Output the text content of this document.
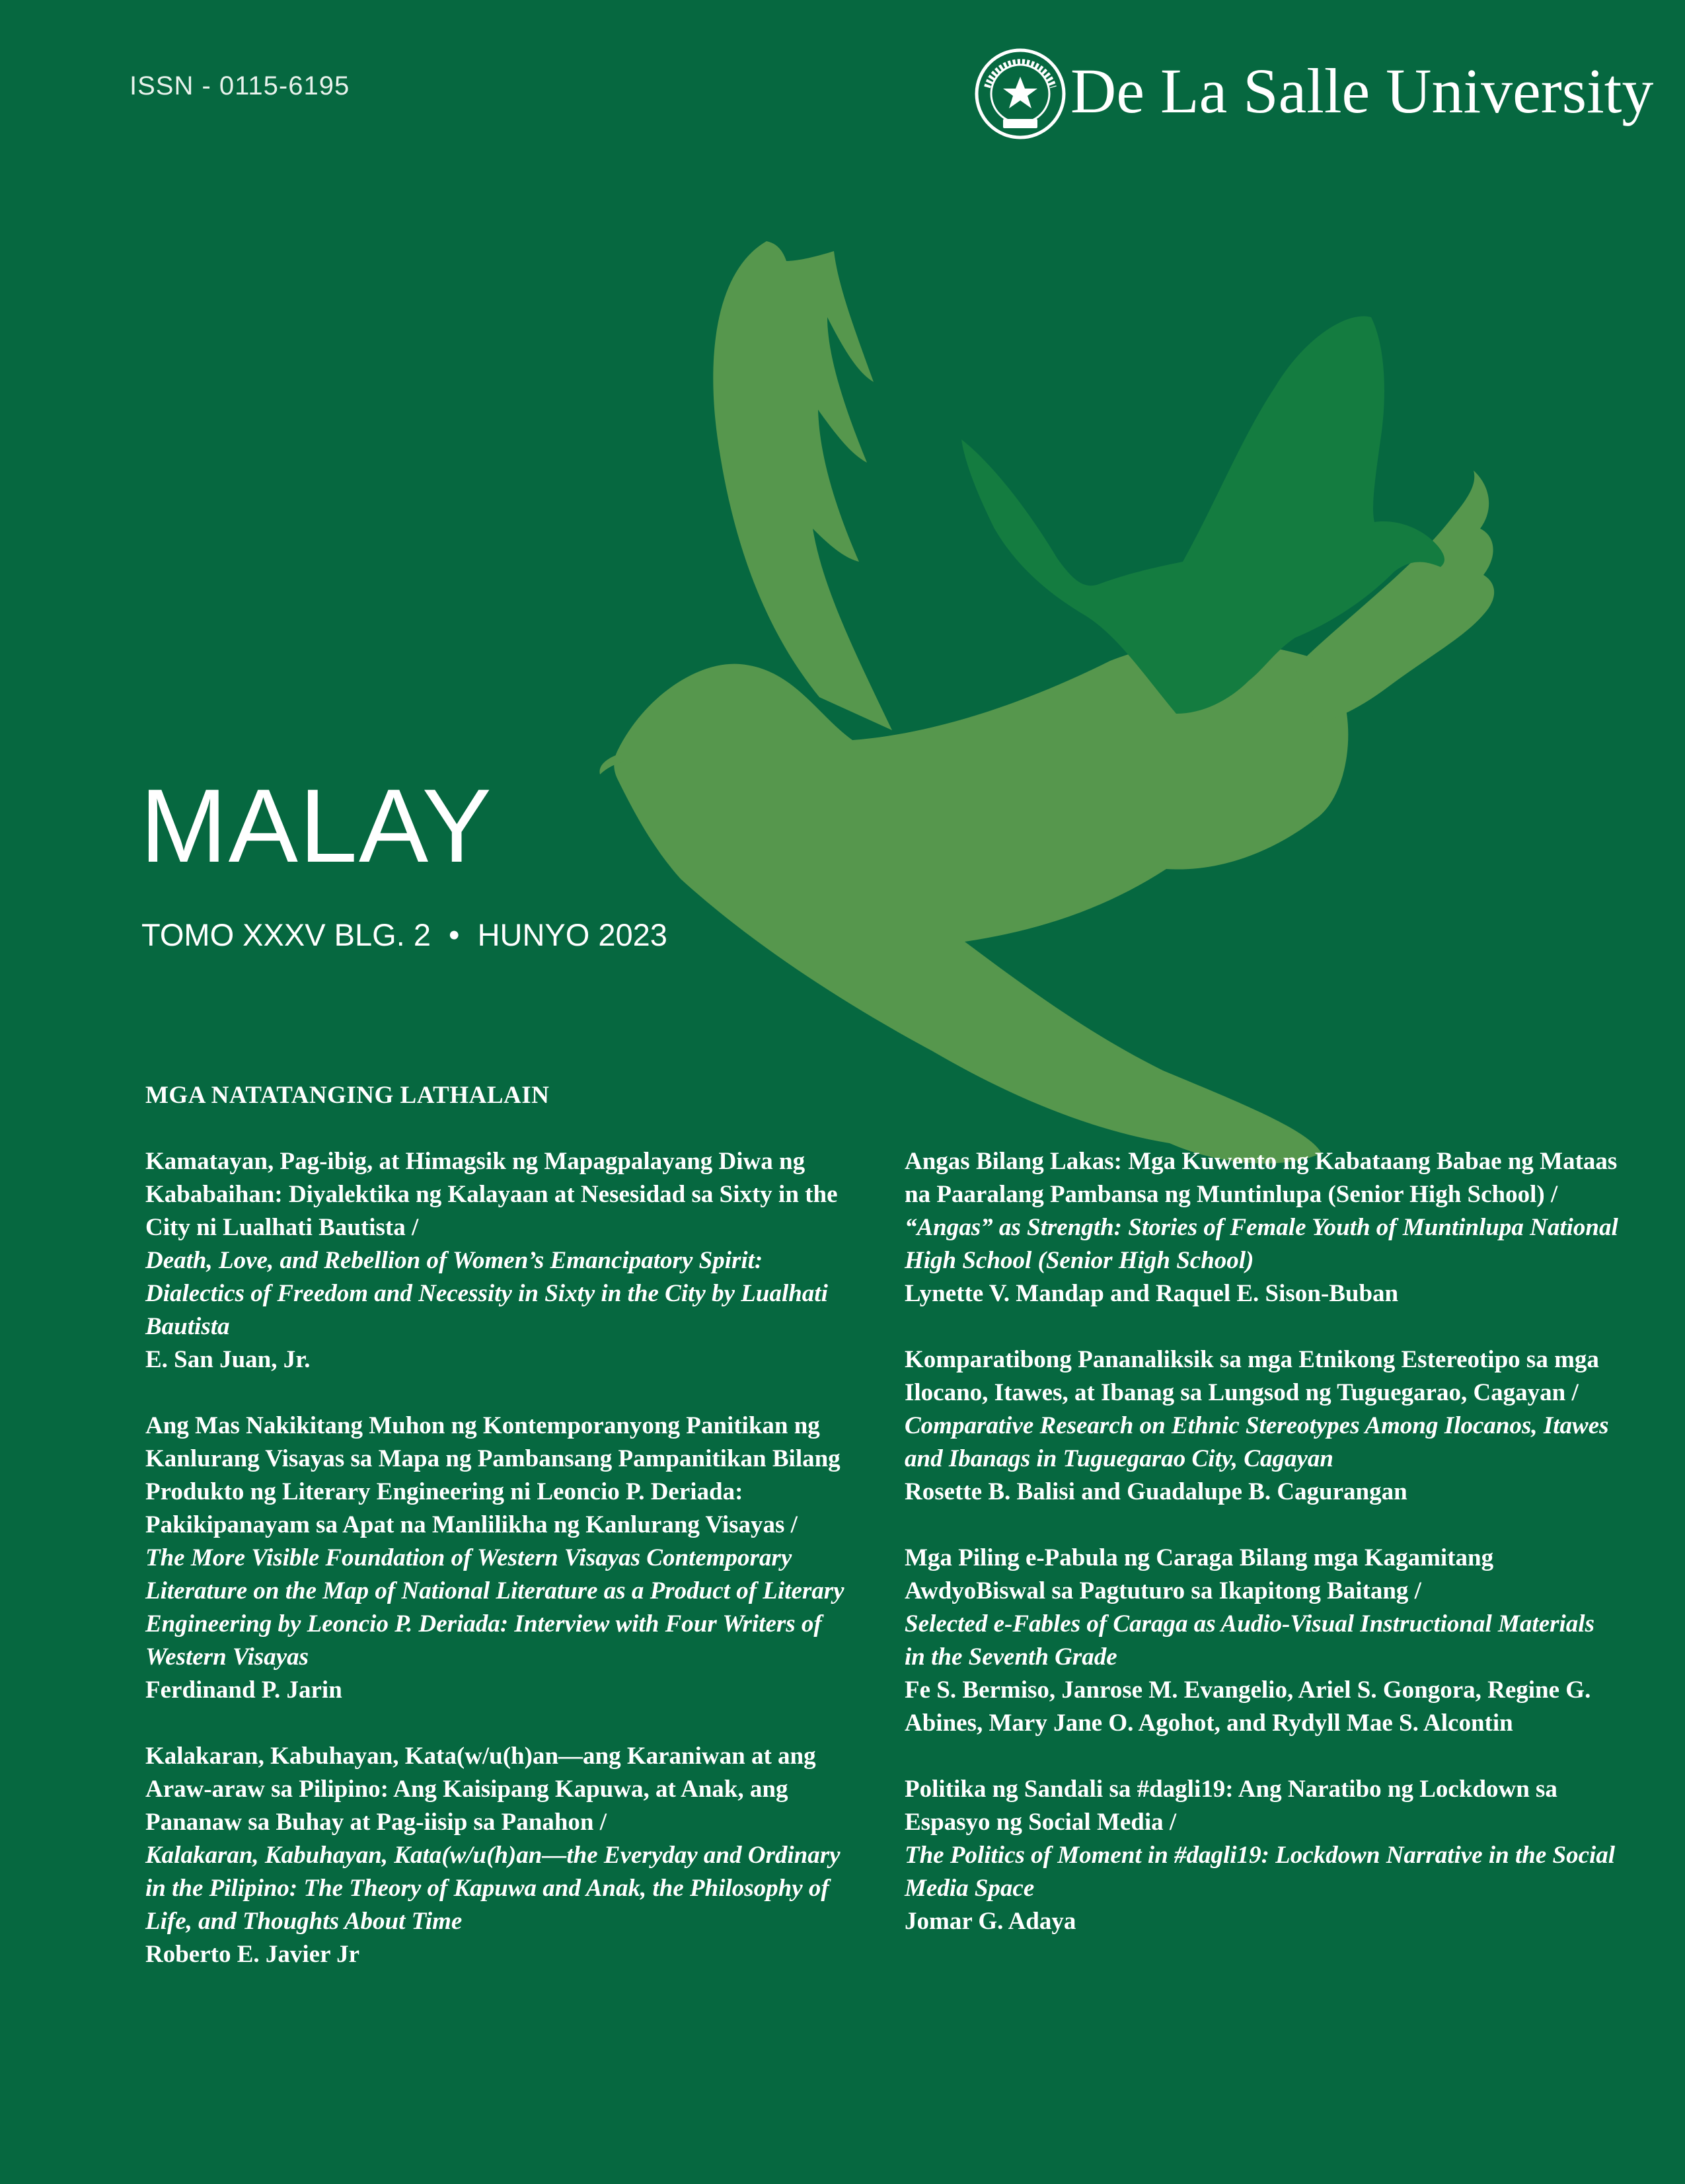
ISSN - 0115-6195	De La Salle University
MALAY
TOMO XXXV BLG. 2 • HUNYO 2023
MGA NATATANGING LATHALAIN
Kamatayan, Pag-ibig, at Himagsik ng Mapagpalayang Diwa ng Kababaihan: Diyalektika ng Kalayaan at Nesesidad sa Sixty in the City ni Lualhati Bautista /
Death, Love, and Rebellion of Women’s Emancipatory Spirit: Dialectics of Freedom and Necessity in Sixty in the City by Lualhati Bautista
E. San Juan, Jr.
Ang Mas Nakikitang Muhon ng Kontemporanyong Panitikan ng Kanlurang Visayas sa Mapa ng Pambansang Pampanitikan Bilang Produkto ng Literary Engineering ni Leoncio P. Deriada: Pakikipanayam sa Apat na Manlilikha ng Kanlurang Visayas /
The More Visible Foundation of Western Visayas Contemporary Literature on the Map of National Literature as a Product of Literary Engineering by Leoncio P. Deriada: Interview with Four Writers of Western Visayas
Ferdinand P. Jarin
Kalakaran, Kabuhayan, Kata(w/u(h)an—ang Karaniwan at ang Araw-araw sa Pilipino: Ang Kaisipang Kapuwa, at Anak, ang Pananaw sa Buhay at Pag-iisip sa Panahon /
Kalakaran, Kabuhayan, Kata(w/u(h)an—the Everyday and Ordinary in the Pilipino: The Theory of Kapuwa and Anak, the Philosophy of Life, and Thoughts About Time
Roberto E. Javier Jr
Angas Bilang Lakas: Mga Kuwento ng Kabataang Babae ng Mataas na Paaralang Pambansa ng Muntinlupa (Senior High School) /
“Angas” as Strength: Stories of Female Youth of Muntinlupa National High School (Senior High School)
Lynette V. Mandap and Raquel E. Sison-Buban
Komparatibong Pananaliksik sa mga Etnikong Estereotipo sa mga Ilocano, Itawes, at Ibanag sa Lungsod ng Tuguegarao, Cagayan /
Comparative Research on Ethnic Stereotypes Among Ilocanos, Itawes and Ibanags in Tuguegarao City, Cagayan
Rosette B. Balisi and Guadalupe B. Cagurangan
Mga Piling e-Pabula ng Caraga Bilang mga Kagamitang AwdyoBiswal sa Pagtuturo sa Ikapitong Baitang /
Selected e-Fables of Caraga as Audio-Visual Instructional Materials in the Seventh Grade
Fe S. Bermiso, Janrose M. Evangelio, Ariel S. Gongora, Regine G. Abines, Mary Jane O. Agohot, and Rydyll Mae S. Alcontin
Politika ng Sandali sa #dagli19: Ang Naratibo ng Lockdown sa Espasyo ng Social Media /
The Politics of Moment in #dagli19: Lockdown Narrative in the Social Media Space
Jomar G. Adaya
